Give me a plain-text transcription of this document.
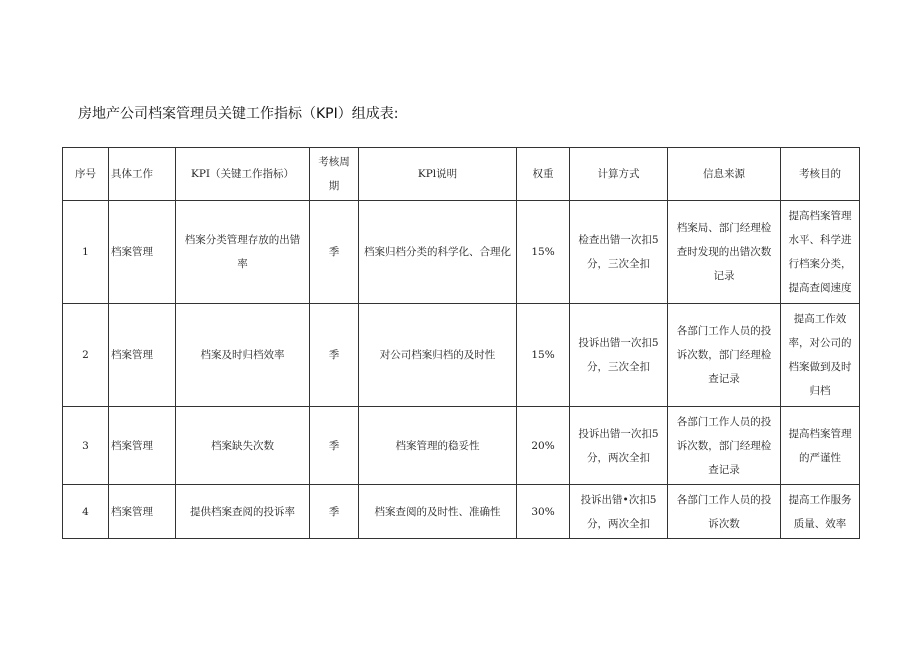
房地产公司档案管理员关键工作指标（KPI）组成表:
序号	具体工作	KPI（关键工作指标）	考核周期	KPl说明	权重	计算方式	信息来源	考核目的
1	档案管理	档案分类管理存放的出错率	季	档案归档分类的科学化、合理化	15%	检查出错一次扣5分，三次全扣	档案局、部门经理检查时发现的出错次数记录	提高档案管理水平、科学进行档案分类，提高查阅速度
2	档案管理	档案及时归档效率	季	对公司档案归档的及时性	15%	投诉出错一次扣5分，三次全扣	各部门工作人员的投诉次数，部门经理检查记录	提高工作效率，对公司的档案做到及时归档
3	档案管理	档案缺失次数	季	档案管理的稳妥性	20%	投诉出错一次扣5分，两次全扣	各部门工作人员的投诉次数，部门经理检查记录	提高档案管理的严谨性
4	档案管理	提供档案查阅的投诉率	季	档案查阅的及时性、准确性	30%	投诉出错•次扣5分，两次全扣	各部门工作人员的投诉次数	提高工作服务质量、效率
